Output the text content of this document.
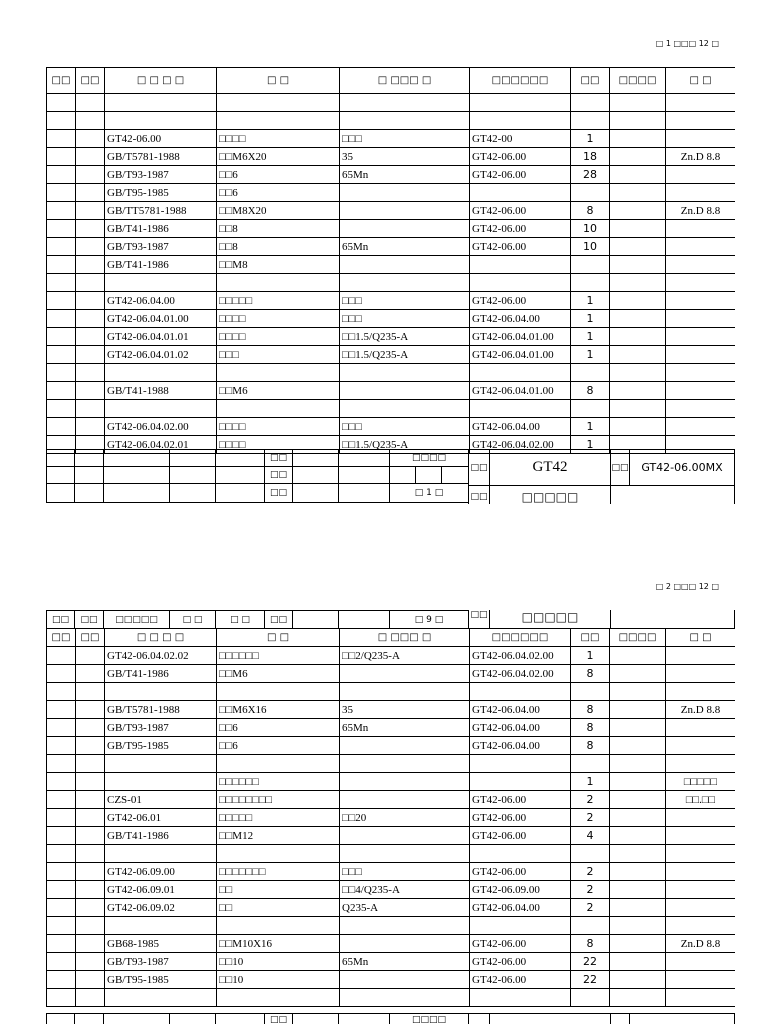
□ 1 □□□ 12 □
□□	□□	□ □ □ □	□ □	□ □□□ □	□□□□□□	□□	□□□□	□ □

		GT42-06.00	□□□□	□□□	GT42-00	1		
		GB/T5781-1988	□□M6X20	35	GT42-06.00	18		Zn.D 8.8
		GB/T93-1987	□□6	65Mn	GT42-06.00	28		
		GB/T95-1985	□□6					
		GB/TT5781-1988	□□M8X20		GT42-06.00	8		Zn.D 8.8
		GB/T41-1986	□□8		GT42-06.00	10		
		GB/T93-1987	□□8	65Mn	GT42-06.00	10		
		GB/T41-1986	□□M8					

		GT42-06.04.00	□□□□□	□□□	GT42-06.00	1		
		GT42-06.04.01.00	□□□□	□□□	GT42-06.04.00	1		
		GT42-06.04.01.01	□□□□	□□1.5/Q235-A	GT42-06.04.01.00	1		
		GT42-06.04.01.02	□□□	□□1.5/Q235-A	GT42-06.04.01.00	1		

		GB/T41-1988	□□M6		GT42-06.04.01.00	8		

		GT42-06.04.02.00	□□□□	□□□	GT42-06.04.00	1		
		GT42-06.04.02.01	□□□□	□□1.5/Q235-A	GT42-06.04.02.00	1		
□□	□□□□
□□
□□	□ 1 □
□□	GT42	□□	GT42-06.00MX
□□	□□□□□
□ 2 □□□ 12 □
□□	□□	□□□□□	□ □	□ □	□□	□ 9 □	□□	□□□□□
□□	□□	□ □ □ □	□ □	□ □□□ □	□□□□□□	□□	□□□□	□ □
		GT42-06.04.02.02	□□□□□□	□□2/Q235-A	GT42-06.04.02.00	1		
		GB/T41-1986	□□M6		GT42-06.04.02.00	8		

		GB/T5781-1988	□□M6X16	35	GT42-06.04.00	8		Zn.D 8.8
		GB/T93-1987	□□6	65Mn	GT42-06.04.00	8		
		GB/T95-1985	□□6		GT42-06.04.00	8		

			□□□□□□			1		□□□□□
		CZS-01	□□□□□□□□		GT42-06.00	2		□□.□□
		GT42-06.01	□□□□□	□□20	GT42-06.00	2		
		GB/T41-1986	□□M12		GT42-06.00	4		

		GT42-06.09.00	□□□□□□□	□□□	GT42-06.00	2		
		GT42-06.09.01	□□	□□4/Q235-A	GT42-06.09.00	2		
		GT42-06.09.02	□□	Q235-A	GT42-06.04.00	2		

		GB68-1985	□□M10X16		GT42-06.00	8		Zn.D 8.8
		GB/T93-1987	□□10	65Mn	GT42-06.00	22		
		GB/T95-1985	□□10		GT42-06.00	22		

□□	□□□□
